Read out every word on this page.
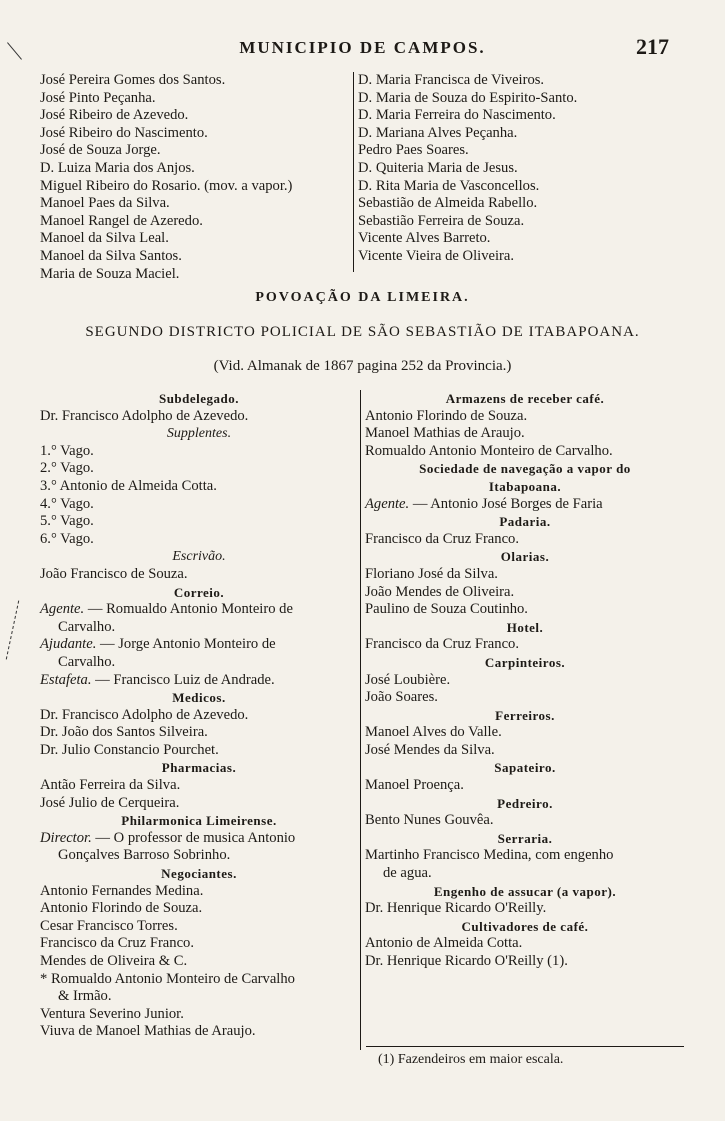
MUNICIPIO DE CAMPOS.	217
José Pereira Gomes dos Santos.
José Pinto Peçanha.
José Ribeiro de Azevedo.
José Ribeiro do Nascimento.
José de Souza Jorge.
D. Luiza Maria dos Anjos.
Miguel Ribeiro do Rosario. (mov. a vapor.)
Manoel Paes da Silva.
Manoel Rangel de Azeredo.
Manoel da Silva Leal.
Manoel da Silva Santos.
Maria de Souza Maciel.
D. Maria Francisca de Viveiros.
D. Maria de Souza do Espirito-Santo.
D. Maria Ferreira do Nascimento.
D. Mariana Alves Peçanha.
Pedro Paes Soares.
D. Quiteria Maria de Jesus.
D. Rita Maria de Vasconcellos.
Sebastião de Almeida Rabello.
Sebastião Ferreira de Souza.
Vicente Alves Barreto.
Vicente Vieira de Oliveira.
POVOAÇÃO DA LIMEIRA.
SEGUNDO DISTRICTO POLICIAL DE SÃO SEBASTIÃO DE ITABAPOANA.
(Vid. Almanak de 1867 pagina 252 da Provincia.)
Subdelegado.
Dr. Francisco Adolpho de Azevedo.
Supplentes.
1.° Vago.
2.° Vago.
3.° Antonio de Almeida Cotta.
4.° Vago.
5.° Vago.
6.° Vago.
Escrivão.
João Francisco de Souza.
Correio.
Agente. — Romualdo Antonio Monteiro de
Carvalho.
Ajudante. — Jorge Antonio Monteiro de
Carvalho.
Estafeta. — Francisco Luiz de Andrade.
Medicos.
Dr. Francisco Adolpho de Azevedo.
Dr. João dos Santos Silveira.
Dr. Julio Constancio Pourchet.
Pharmacias.
Antão Ferreira da Silva.
José Julio de Cerqueira.
Philarmonica Limeirense.
Director. — O professor de musica Antonio
Gonçalves Barroso Sobrinho.
Negociantes.
Antonio Fernandes Medina.
Antonio Florindo de Souza.
Cesar Francisco Torres.
Francisco da Cruz Franco.
Mendes de Oliveira & C.
* Romualdo Antonio Monteiro de Carvalho
& Irmão.
Ventura Severino Junior.
Viuva de Manoel Mathias de Araujo.
Armazens de receber café.
Antonio Florindo de Souza.
Manoel Mathias de Araujo.
Romualdo Antonio Monteiro de Carvalho.
Sociedade de navegação a vapor do
Itabapoana.
Agente. — Antonio José Borges de Faria
Padaria.
Francisco da Cruz Franco.
Olarias.
Floriano José da Silva.
João Mendes de Oliveira.
Paulino de Souza Coutinho.
Hotel.
Francisco da Cruz Franco.
Carpinteiros.
José Loubière.
João Soares.
Ferreiros.
Manoel Alves do Valle.
José Mendes da Silva.
Sapateiro.
Manoel Proença.
Pedreiro.
Bento Nunes Gouvêa.
Serraria.
Martinho Francisco Medina, com engenho
de agua.
Engenho de assucar (a vapor).
Dr. Henrique Ricardo O'Reilly.
Cultivadores de café.
Antonio de Almeida Cotta.
Dr. Henrique Ricardo O'Reilly (1).
(1) Fazendeiros em maior escala.
